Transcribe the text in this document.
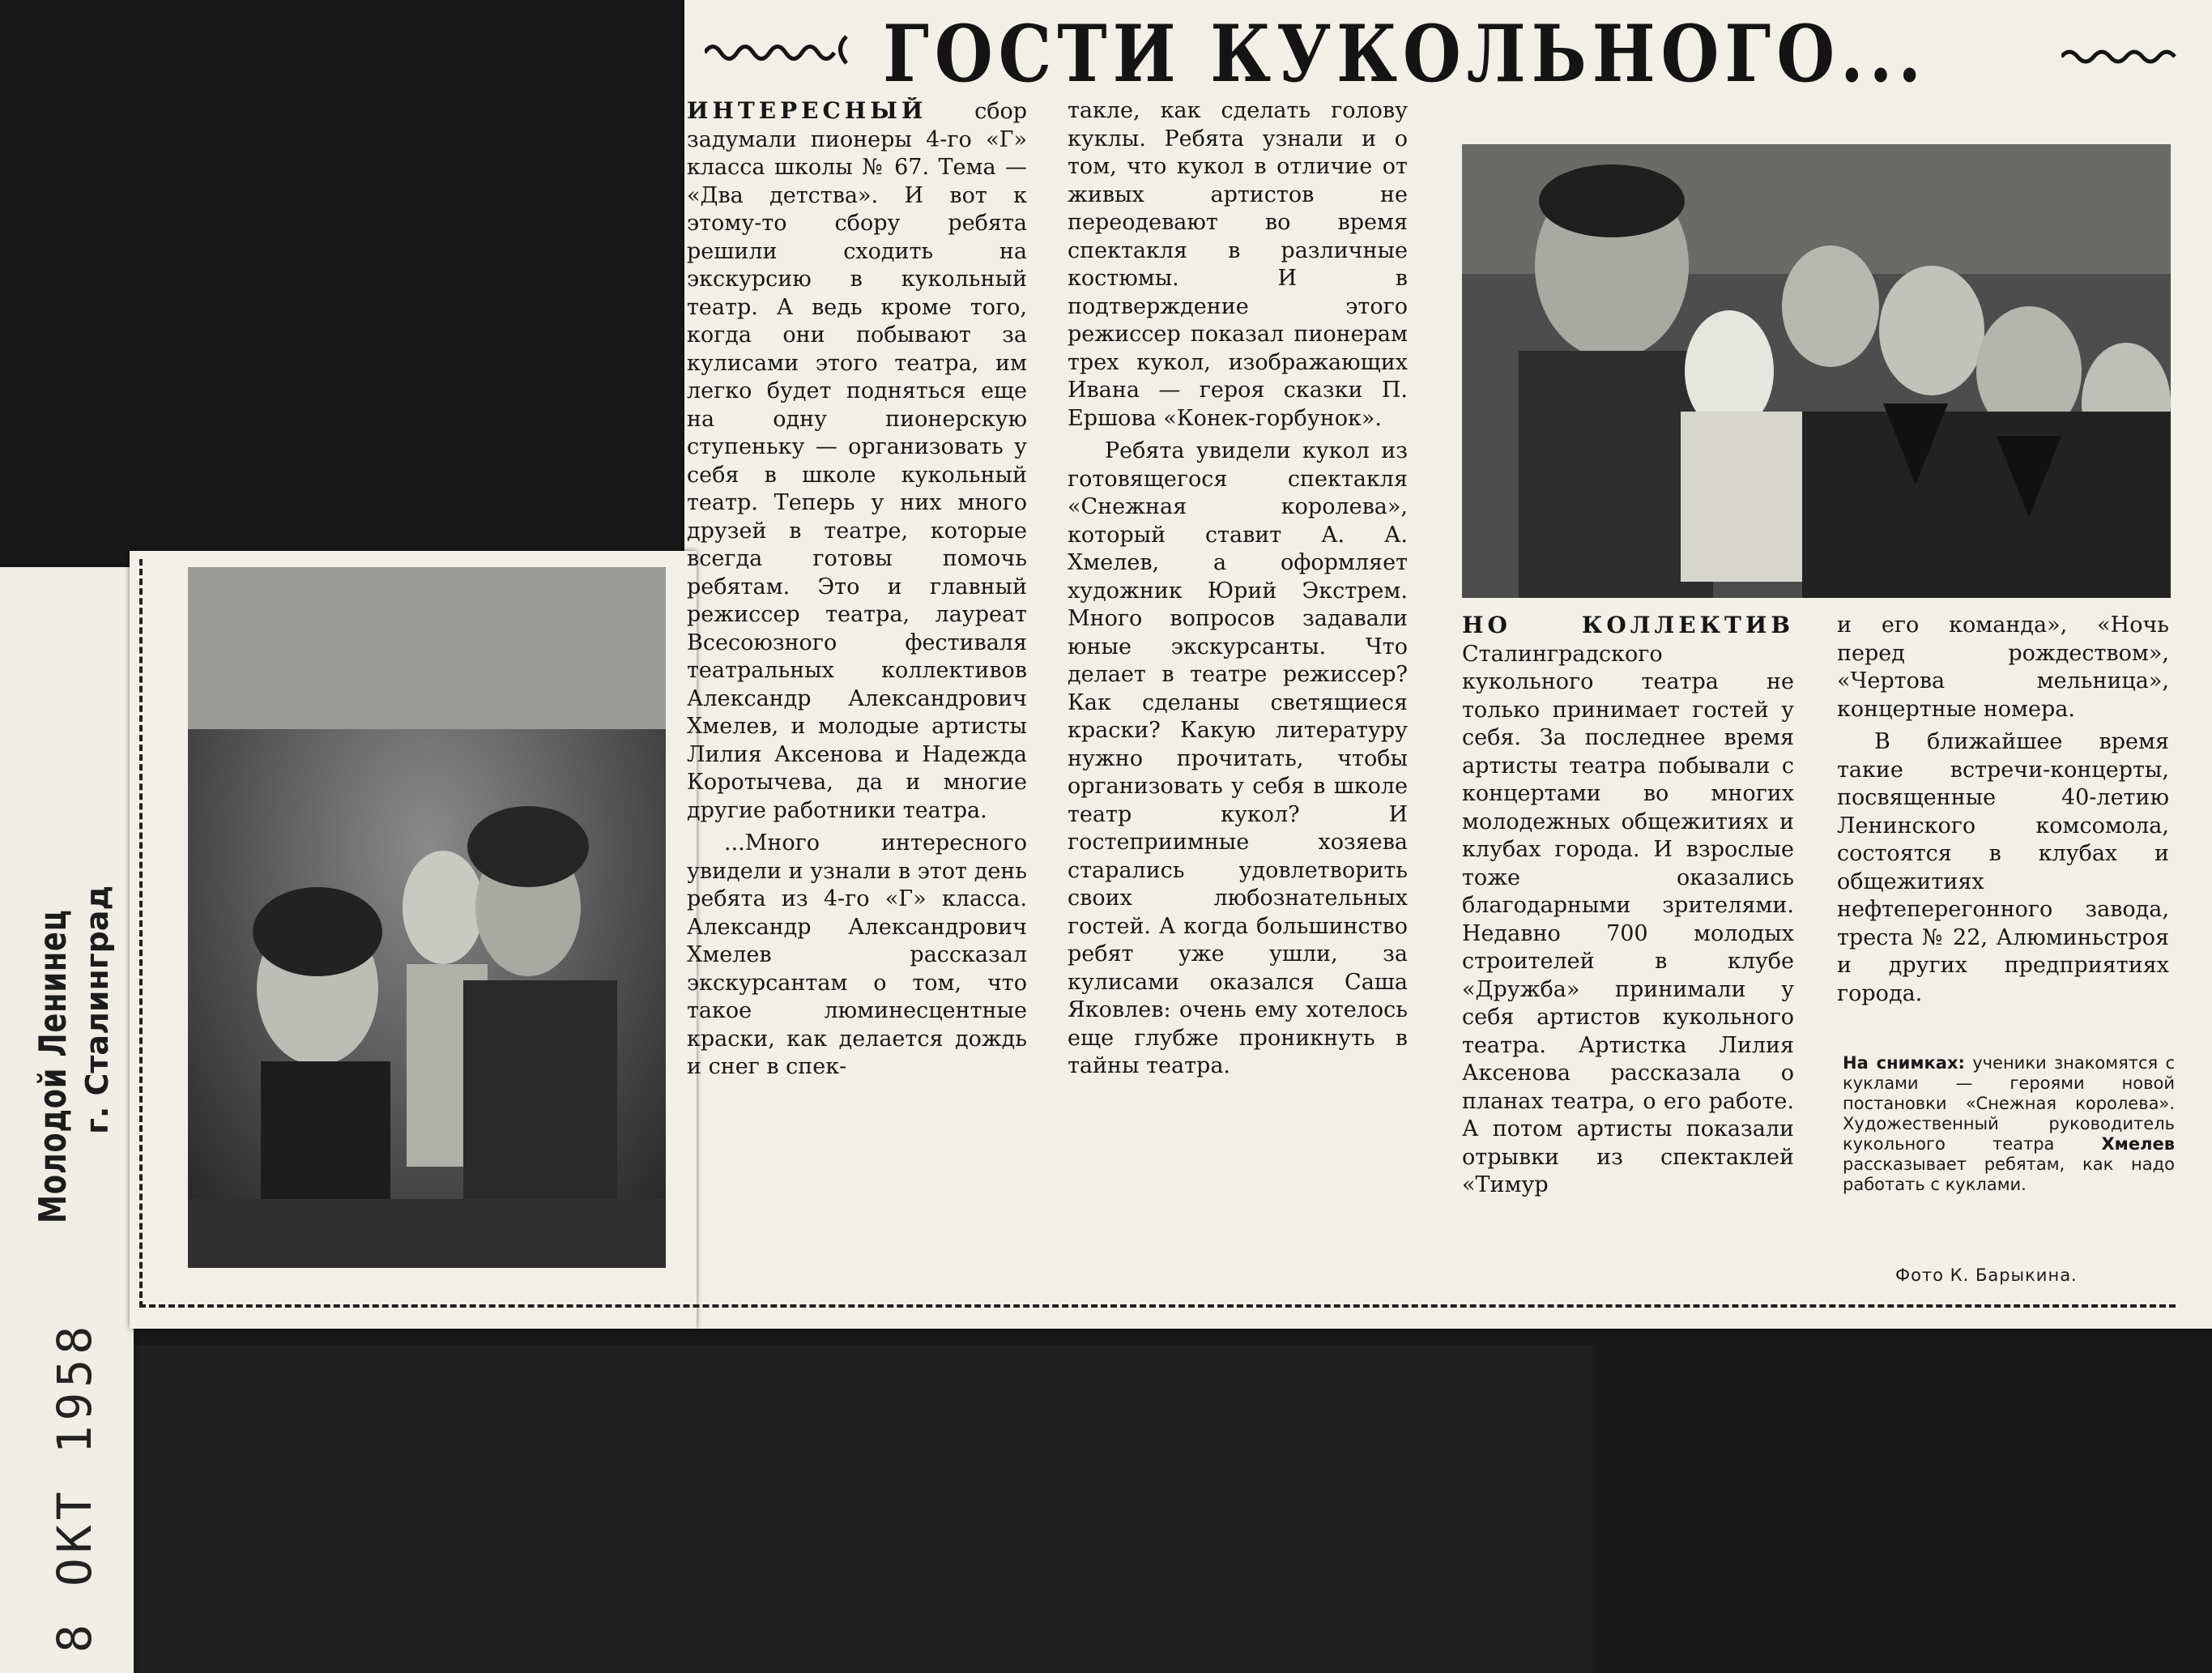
Молодой Ленинец г. Сталинград
8 ОКТ 1958
ГОСТИ КУКОЛЬНОГО...

ИНТЕРЕСНЫЙ сбор задумали пионеры 4-го «Г» класса школы № 67. Тема — «Два детства». И вот к этому-то сбору ребята решили сходить на экскурсию в кукольный театр. А ведь кроме того, когда они побывают за кулисами этого театра, им легко будет подняться еще на одну пионерскую ступеньку — организовать у себя в школе кукольный театр. Теперь у них много друзей в театре, которые всегда готовы помочь ребятам. Это и главный режиссер театра, лауреат Всесоюзного фестиваля театральных коллективов Александр Александрович Хмелев, и молодые артисты Лилия Аксенова и Надежда Коротычева, да и многие другие работники театра.

...Много интересного увидели и узнали в этот день ребята из 4-го «Г» класса. Александр Александрович Хмелев рассказал экскурсантам о том, что такое люминесцентные краски, как делается дождь и снег в спек-

такле, как сделать голову куклы. Ребята узнали и о том, что кукол в отличие от живых артистов не переодевают во время спектакля в различные костюмы. И в подтверждение этого режиссер показал пионерам трех кукол, изображающих Ивана — героя сказки П. Ершова «Конек-горбунок».

Ребята увидели кукол из готовящегося спектакля «Снежная королева», который ставит А. А. Хмелев, а оформляет художник Юрий Экстрем. Много вопросов задавали юные экскурсанты. Что делает в театре режиссер? Как сделаны светящиеся краски? Какую литературу нужно прочитать, чтобы организовать у себя в школе театр кукол? И гостеприимные хозяева старались удовлетворить своих любознательных гостей. А когда большинство ребят уже ушли, за кулисами оказался Саша Яковлев: очень ему хотелось еще глубже проникнуть в тайны театра.

НО КОЛЛЕКТИВ Сталинградского кукольного театра не только принимает гостей у себя. За последнее время артисты театра побывали с концертами во многих молодежных общежитиях и клубах города. И взрослые тоже оказались благодарными зрителями. Недавно 700 молодых строителей в клубе «Дружба» принимали у себя артистов кукольного театра. Артистка Лилия Аксенова рассказала о планах театра, о его работе. А потом артисты показали отрывки из спектаклей «Тимур

и его команда», «Ночь перед рождеством», «Чертова мельница», концертные номера.

В ближайшее время такие встречи-концерты, посвященные 40-летию Ленинского комсомола, состоятся в клубах и общежитиях нефтеперегонного завода, треста № 22, Алюминьстроя и других предприятиях города.

На снимках: ученики знакомятся с куклами — героями новой постановки «Снежная королева». Художественный руководитель кукольного театра Хмелев рассказывает ребятам, как надо работать с куклами.
Фото К. Барыкина.
